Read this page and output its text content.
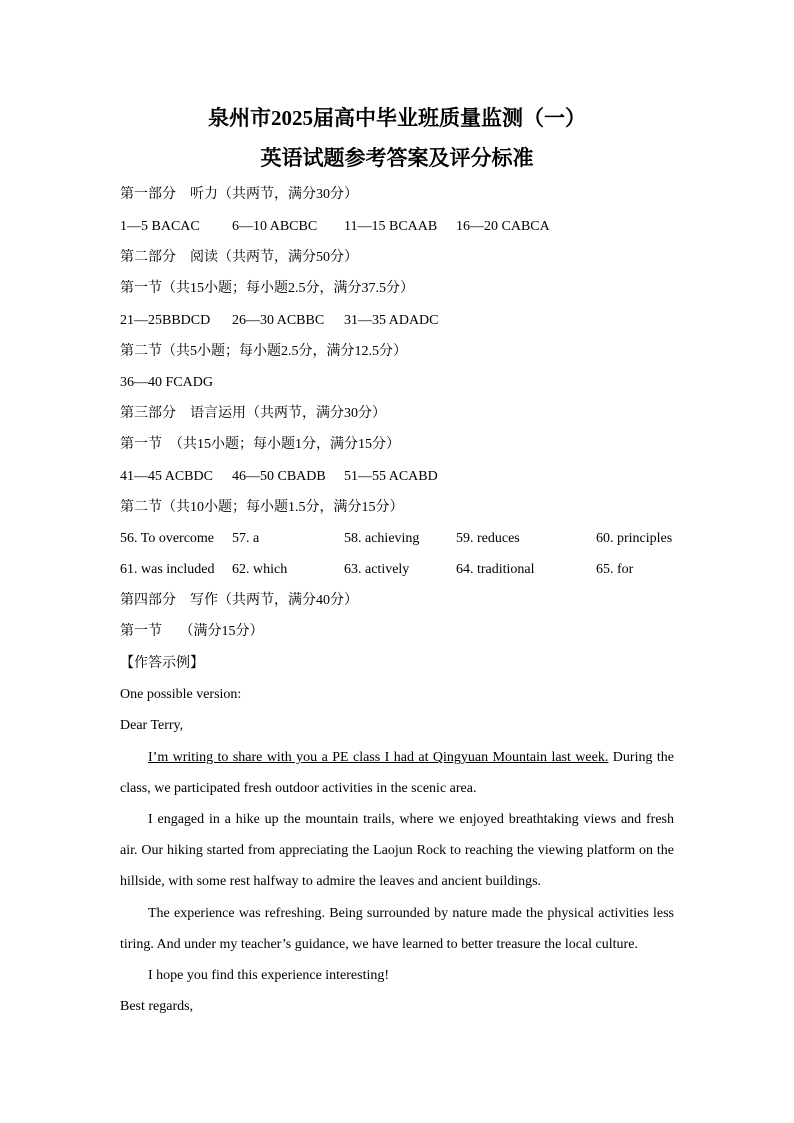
泉州市2025届高中毕业班质量监测（一）
英语试题参考答案及评分标准
第一部分　听力（共两节，满分30分）
1—5 BACAC 6—10 ABCBC 11—15 BCAAB 16—20 CABCA
第二部分　阅读（共两节，满分50分）
第一节（共15小题；每小题2.5分，满分37.5分）
21—25BBDCD 26—30 ACBBC 31—35 ADADC
第二节（共5小题；每小题2.5分，满分12.5分）
36—40 FCADG
第三部分　语言运用（共两节，满分30分）
第一节　（共15小题；每小题1分，满分15分）
41—45 ACBDC 46—50 CBADB 51—55 ACABD
第二节（共10小题；每小题1.5分，满分15分）
56. To overcome 57. a	58. achieving	59. reduces	60. principles
61. was included 62. which	63. actively	64. traditional	65. for
第四部分　写作（共两节，满分40分）
第一节　 （满分15分）
【作答示例】
One possible version:
Dear Terry,
I’m writing to share with you a PE class I had at Qingyuan Mountain last week. During the class, we participated fresh outdoor activities in the scenic area.
I engaged in a hike up the mountain trails, where we enjoyed breathtaking views and fresh air. Our hiking started from appreciating the Laojun Rock to reaching the viewing platform on the hillside, with some rest halfway to admire the leaves and ancient buildings.
The experience was refreshing. Being surrounded by nature made the physical activities less tiring. And under my teacher’s guidance, we have learned to better treasure the local culture.
I hope you find this experience interesting!
Best regards,
